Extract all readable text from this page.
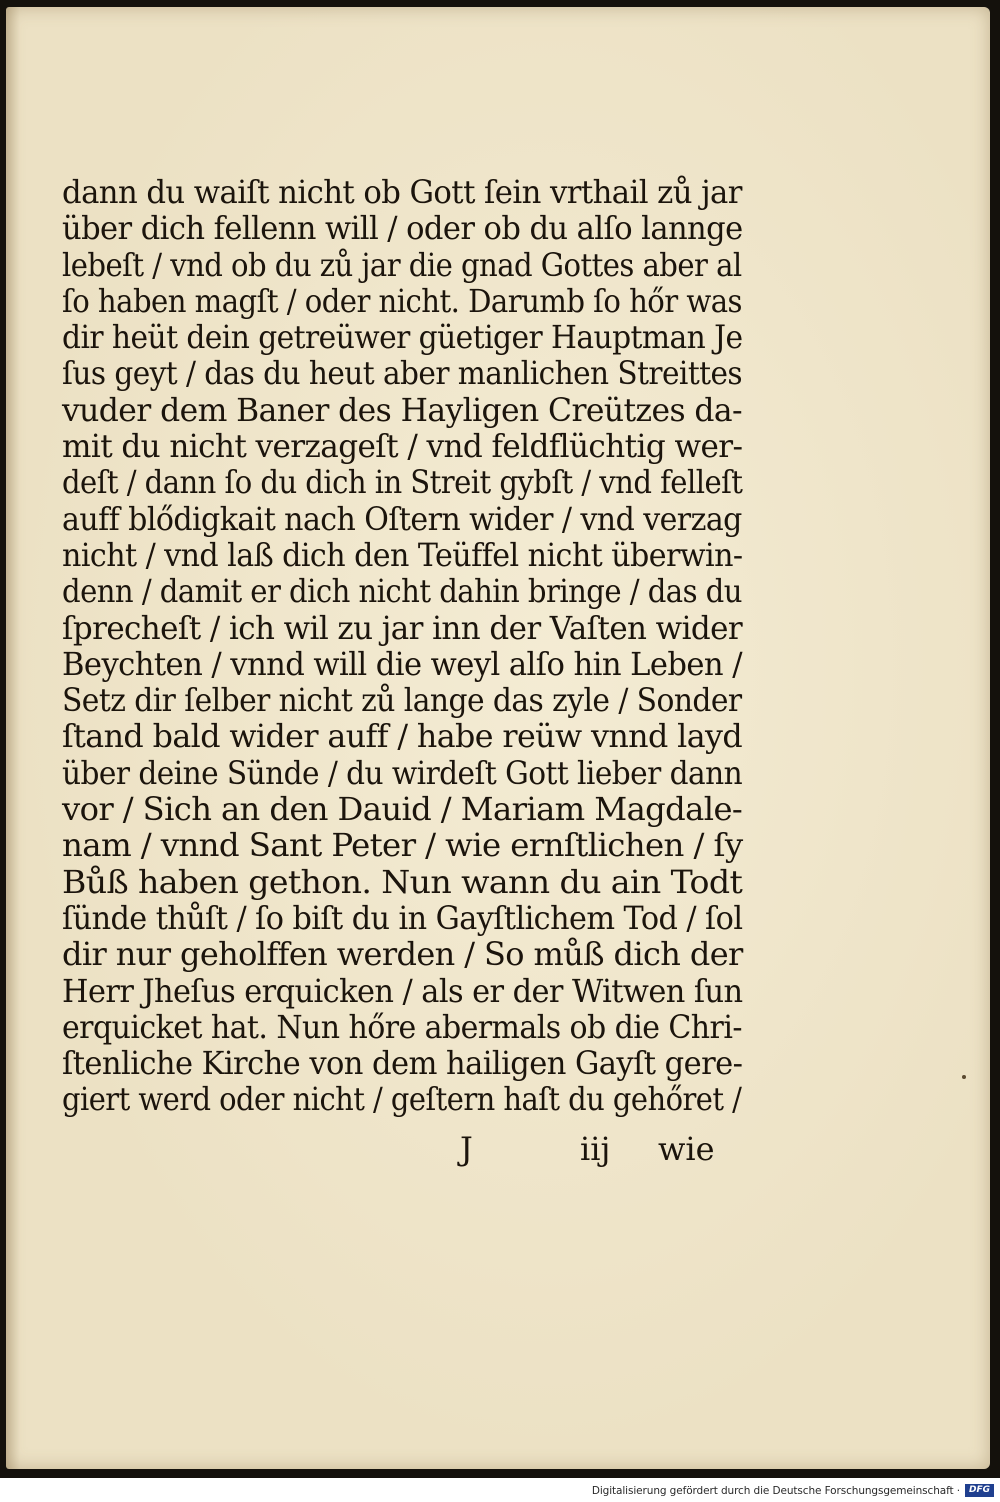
dann du waiſt nicht ob Gott ſein vrthail zů jar
über dich fellenn will / oder ob du alſo lannge
lebeſt / vnd ob du zů jar die gnad Gottes aber al
ſo haben magſt / oder nicht. Darumb ſo hőr was
dir heüt dein getreüwer güetiger Hauptman Je
ſus geyt / das du heut aber manlichen Streittes
vuder dem Baner des Hayligen Creützes da-
mit du nicht verzageſt / vnd feldflüchtig wer-
deſt / dann ſo du dich in Streit gybſt / vnd felleſt
auff blődigkait nach Oſtern wider / vnd verzag
nicht / vnd laß dich den Teüffel nicht überwin-
denn / damit er dich nicht dahin bringe / das du
ſprecheſt / ich wil zu jar inn der Vaſten wider
Beychten / vnnd will die weyl alſo hin Leben /
Setz dir ſelber nicht zů lange das zyle / Sonder
ſtand bald wider auff / habe reüw vnnd layd
über deine Sünde / du wirdeſt Gott lieber dann
vor / Sich an den Dauid / Mariam Magdale-
nam / vnnd Sant Peter / wie ernſtlichen / ſy
Bůß haben gethon. Nun wann du ain Todt
ſünde thůſt / ſo biſt du in Gayſtlichem Tod / ſol
dir nur geholffen werden / So můß dich der
Herr Jheſus erquicken / als er der Witwen ſun
erquicket hat. Nun hőre abermals ob die Chri-
ſtenliche Kirche von dem hailigen Gayſt gere-
giert werd oder nicht / geſtern haſt du gehőret /
J	iij wie
Digitalisierung gefördert durch die Deutsche Forschungsgemeinschaft · DFG
